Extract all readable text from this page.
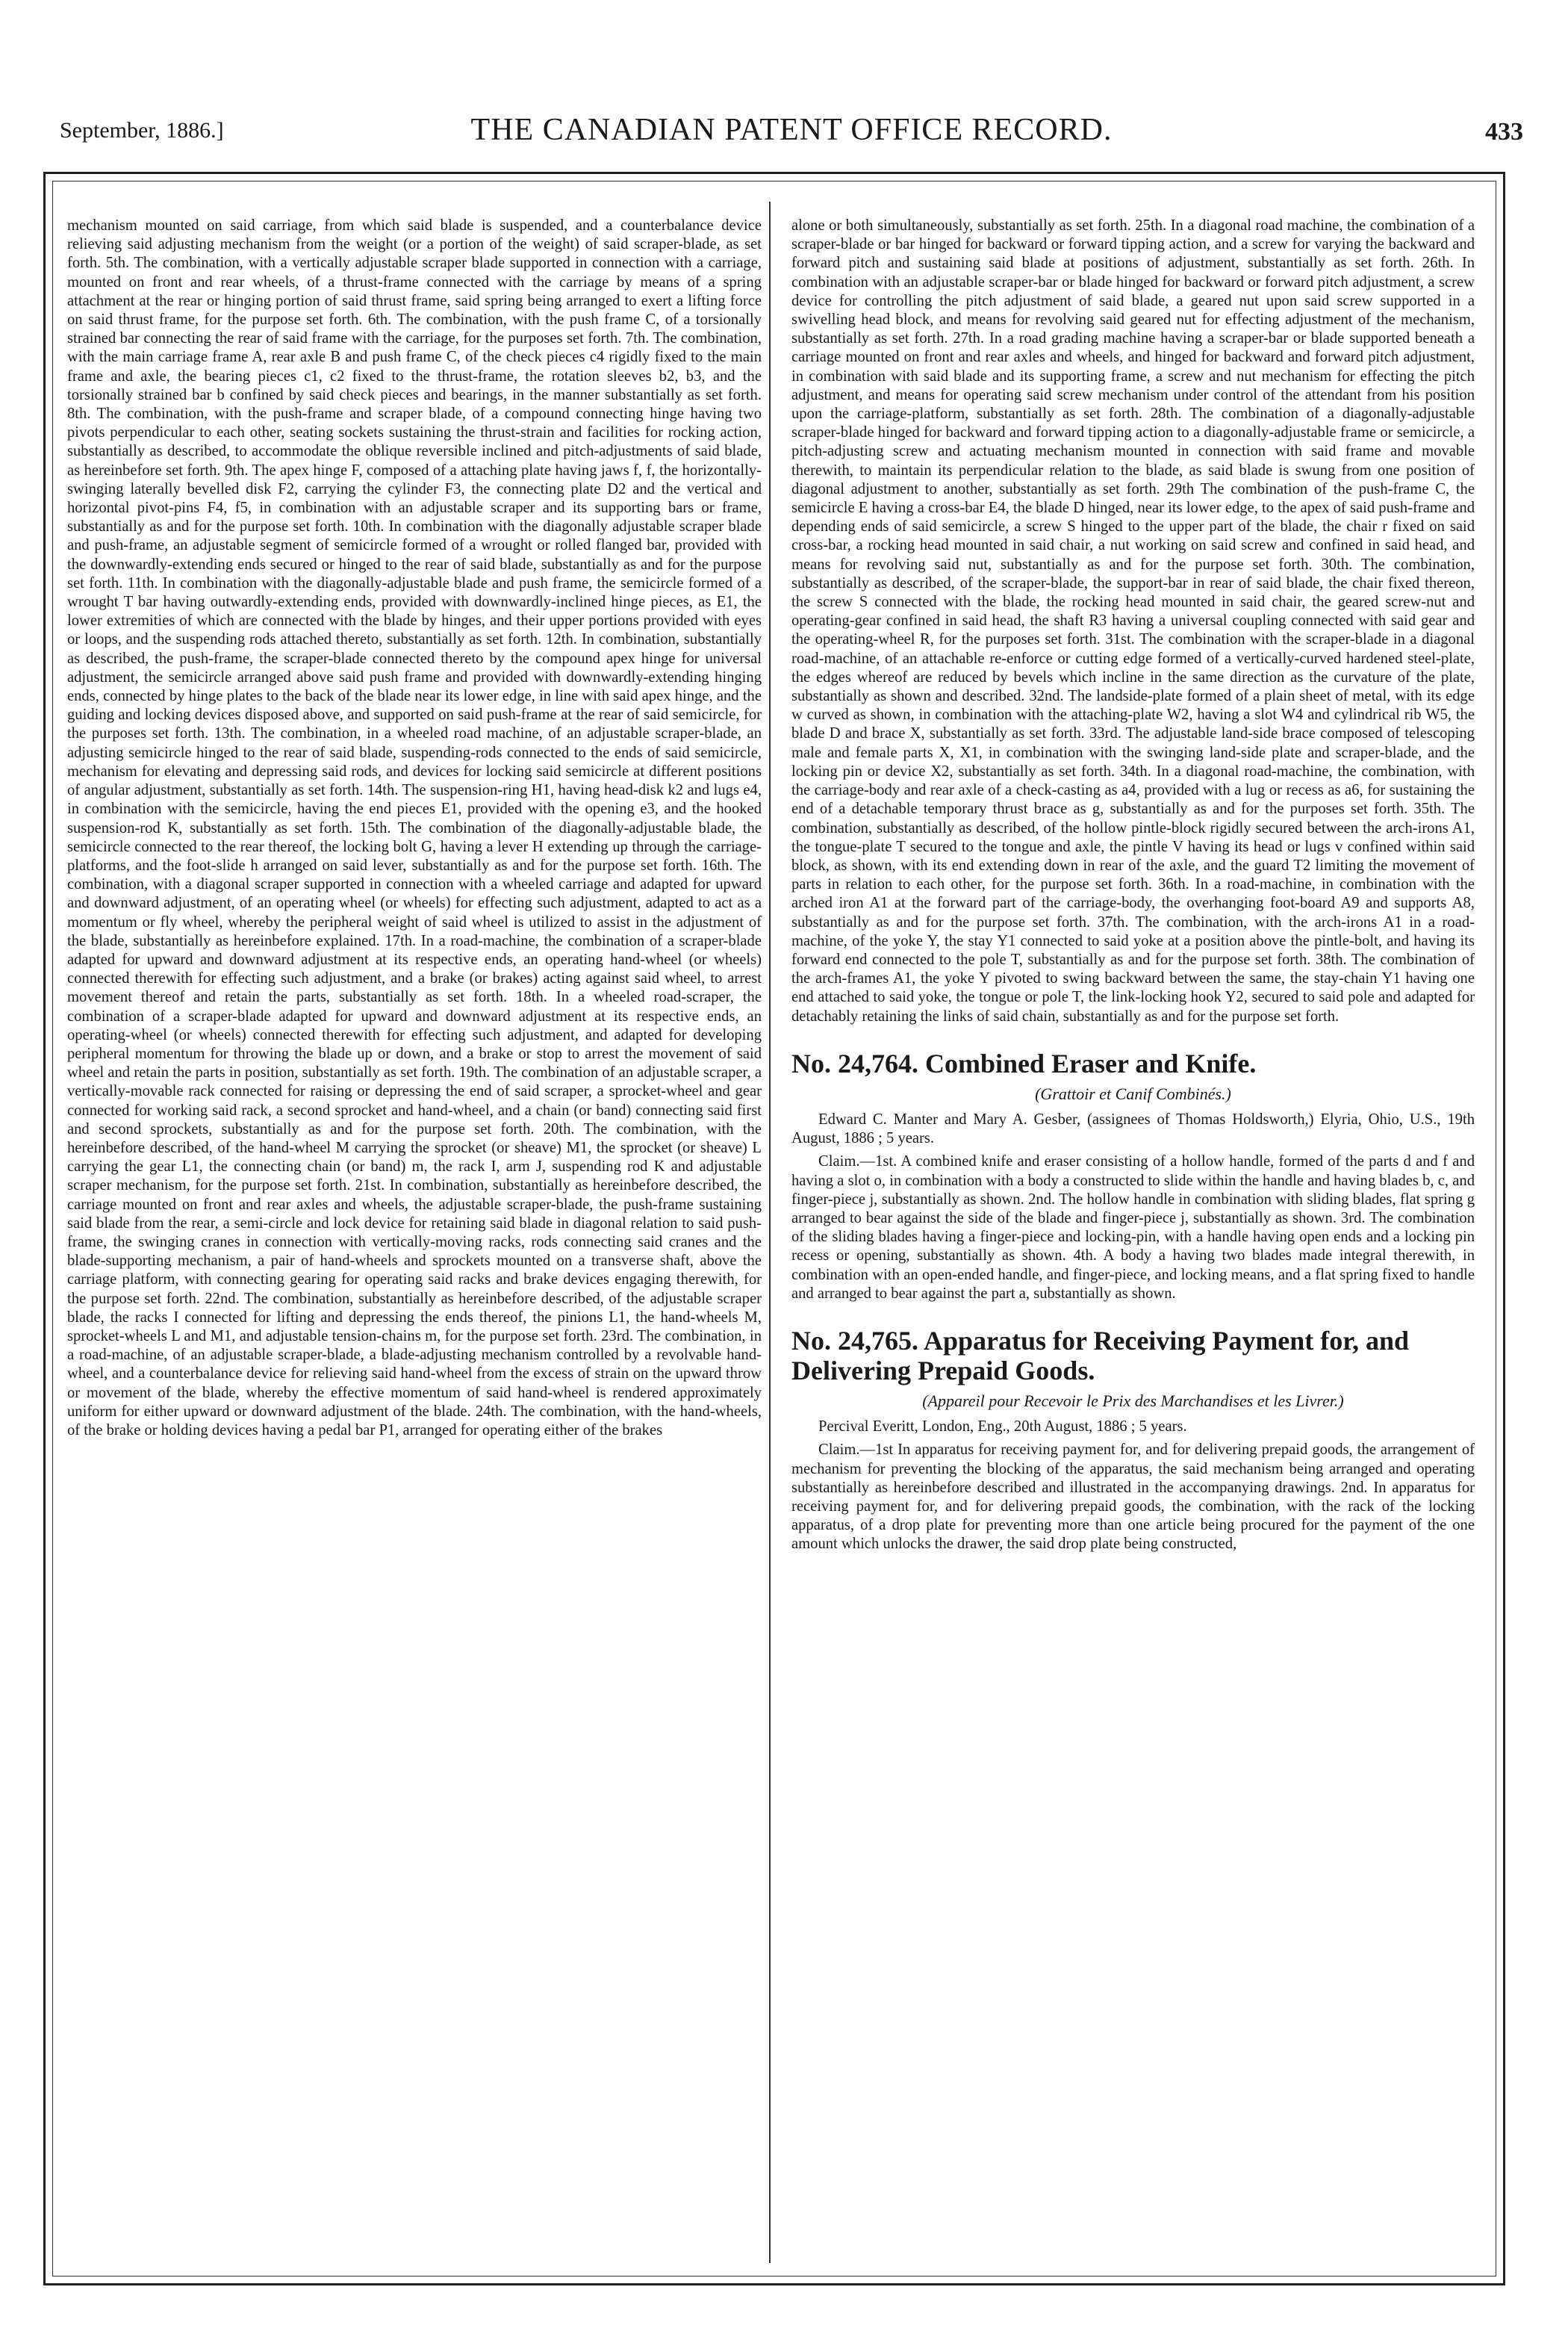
September, 1886.]	THE CANADIAN PATENT OFFICE RECORD.	433

mechanism mounted on said carriage, from which said blade is suspended, and a counterbalance device relieving said adjusting mechanism from the weight (or a portion of the weight) of said scraper-blade, as set forth. 5th. The combination, with a vertically adjustable scraper blade supported in connection with a carriage, mounted on front and rear wheels, of a thrust-frame connected with the carriage by means of a spring attachment at the rear or hinging portion of said thrust frame, said spring being arranged to exert a lifting force on said thrust frame, for the purpose set forth. 6th. The combination, with the push frame C, of a torsionally strained bar connecting the rear of said frame with the carriage, for the purposes set forth. 7th. The combination, with the main carriage frame A, rear axle B and push frame C, of the check pieces c4 rigidly fixed to the main frame and axle, the bearing pieces c1, c2 fixed to the thrust-frame, the rotation sleeves b2, b3, and the torsionally strained bar b confined by said check pieces and bearings, in the manner substantially as set forth. 8th. The combination, with the push-frame and scraper blade, of a compound connecting hinge having two pivots perpendicular to each other, seating sockets sustaining the thrust-strain and facilities for rocking action, substantially as described, to accommodate the oblique reversible inclined and pitch-adjustments of said blade, as hereinbefore set forth. 9th. The apex hinge F, composed of a attaching plate having jaws f, f, the horizontally-swinging laterally bevelled disk F2, carrying the cylinder F3, the connecting plate D2 and the vertical and horizontal pivot-pins F4, f5, in combination with an adjustable scraper and its supporting bars or frame, substantially as and for the purpose set forth. 10th. In combination with the diagonally adjustable scraper blade and push-frame, an adjustable segment of semicircle formed of a wrought or rolled flanged bar, provided with the downwardly-extending ends secured or hinged to the rear of said blade, substantially as and for the purpose set forth. 11th. In combination with the diagonally-adjustable blade and push frame, the semicircle formed of a wrought T bar having outwardly-extending ends, provided with downwardly-inclined hinge pieces, as E1, the lower extremities of which are connected with the blade by hinges, and their upper portions provided with eyes or loops, and the suspending rods attached thereto, substantially as set forth. 12th. In combination, substantially as described, the push-frame, the scraper-blade connected thereto by the compound apex hinge for universal adjustment, the semicircle arranged above said push frame and provided with downwardly-extending hinging ends, connected by hinge plates to the back of the blade near its lower edge, in line with said apex hinge, and the guiding and locking devices disposed above, and supported on said push-frame at the rear of said semicircle, for the purposes set forth. 13th. The combination, in a wheeled road machine, of an adjustable scraper-blade, an adjusting semicircle hinged to the rear of said blade, suspending-rods connected to the ends of said semicircle, mechanism for elevating and depressing said rods, and devices for locking said semicircle at different positions of angular adjustment, substantially as set forth. 14th. The suspension-ring H1, having head-disk k2 and lugs e4, in combination with the semicircle, having the end pieces E1, provided with the opening e3, and the hooked suspension-rod K, substantially as set forth. 15th. The combination of the diagonally-adjustable blade, the semicircle connected to the rear thereof, the locking bolt G, having a lever H extending up through the carriage-platforms, and the foot-slide h arranged on said lever, substantially as and for the purpose set forth. 16th. The combination, with a diagonal scraper supported in connection with a wheeled carriage and adapted for upward and downward adjustment, of an operating wheel (or wheels) for effecting such adjustment, adapted to act as a momentum or fly wheel, whereby the peripheral weight of said wheel is utilized to assist in the adjustment of the blade, substantially as hereinbefore explained. 17th. In a road-machine, the combination of a scraper-blade adapted for upward and downward adjustment at its respective ends, an operating hand-wheel (or wheels) connected therewith for effecting such adjustment, and a brake (or brakes) acting against said wheel, to arrest movement thereof and retain the parts, substantially as set forth. 18th. In a wheeled road-scraper, the combination of a scraper-blade adapted for upward and downward adjustment at its respective ends, an operating-wheel (or wheels) connected therewith for effecting such adjustment, and adapted for developing peripheral momentum for throwing the blade up or down, and a brake or stop to arrest the movement of said wheel and retain the parts in position, substantially as set forth. 19th. The combination of an adjustable scraper, a vertically-movable rack connected for raising or depressing the end of said scraper, a sprocket-wheel and gear connected for working said rack, a second sprocket and hand-wheel, and a chain (or band) connecting said first and second sprockets, substantially as and for the purpose set forth. 20th. The combination, with the hereinbefore described, of the hand-wheel M carrying the sprocket (or sheave) M1, the sprocket (or sheave) L carrying the gear L1, the connecting chain (or band) m, the rack I, arm J, suspending rod K and adjustable scraper mechanism, for the purpose set forth. 21st. In combination, substantially as hereinbefore described, the carriage mounted on front and rear axles and wheels, the adjustable scraper-blade, the push-frame sustaining said blade from the rear, a semi-circle and lock device for retaining said blade in diagonal relation to said push-frame, the swinging cranes in connection with vertically-moving racks, rods connecting said cranes and the blade-supporting mechanism, a pair of hand-wheels and sprockets mounted on a transverse shaft, above the carriage platform, with connecting gearing for operating said racks and brake devices engaging therewith, for the purpose set forth. 22nd. The combination, substantially as hereinbefore described, of the adjustable scraper blade, the racks I connected for lifting and depressing the ends thereof, the pinions L1, the hand-wheels M, sprocket-wheels L and M1, and adjustable tension-chains m, for the purpose set forth. 23rd. The combination, in a road-machine, of an adjustable scraper-blade, a blade-adjusting mechanism controlled by a revolvable hand-wheel, and a counterbalance device for relieving said hand-wheel from the excess of strain on the upward throw or movement of the blade, whereby the effective momentum of said hand-wheel is rendered approximately uniform for either upward or downward adjustment of the blade. 24th. The combination, with the hand-wheels, of the brake or holding devices having a pedal bar P1, arranged for operating either of the brakes

alone or both simultaneously, substantially as set forth. 25th. In a diagonal road machine, the combination of a scraper-blade or bar hinged for backward or forward tipping action, and a screw for varying the backward and forward pitch and sustaining said blade at positions of adjustment, substantially as set forth. 26th. In combination with an adjustable scraper-bar or blade hinged for backward or forward pitch adjustment, a screw device for controlling the pitch adjustment of said blade, a geared nut upon said screw supported in a swivelling head block, and means for revolving said geared nut for effecting adjustment of the mechanism, substantially as set forth. 27th. In a road grading machine having a scraper-bar or blade supported beneath a carriage mounted on front and rear axles and wheels, and hinged for backward and forward pitch adjustment, in combination with said blade and its supporting frame, a screw and nut mechanism for effecting the pitch adjustment, and means for operating said screw mechanism under control of the attendant from his position upon the carriage-platform, substantially as set forth. 28th. The combination of a diagonally-adjustable scraper-blade hinged for backward and forward tipping action to a diagonally-adjustable frame or semicircle, a pitch-adjusting screw and actuating mechanism mounted in connection with said frame and movable therewith, to maintain its perpendicular relation to the blade, as said blade is swung from one position of diagonal adjustment to another, substantially as set forth. 29th The combination of the push-frame C, the semicircle E having a cross-bar E4, the blade D hinged, near its lower edge, to the apex of said push-frame and depending ends of said semicircle, a screw S hinged to the upper part of the blade, the chair r fixed on said cross-bar, a rocking head mounted in said chair, a nut working on said screw and confined in said head, and means for revolving said nut, substantially as and for the purpose set forth. 30th. The combination, substantially as described, of the scraper-blade, the support-bar in rear of said blade, the chair fixed thereon, the screw S connected with the blade, the rocking head mounted in said chair, the geared screw-nut and operating-gear confined in said head, the shaft R3 having a universal coupling connected with said gear and the operating-wheel R, for the purposes set forth. 31st. The combination with the scraper-blade in a diagonal road-machine, of an attachable re-enforce or cutting edge formed of a vertically-curved hardened steel-plate, the edges whereof are reduced by bevels which incline in the same direction as the curvature of the plate, substantially as shown and described. 32nd. The landside-plate formed of a plain sheet of metal, with its edge w curved as shown, in combination with the attaching-plate W2, having a slot W4 and cylindrical rib W5, the blade D and brace X, substantially as set forth. 33rd. The adjustable land-side brace composed of telescoping male and female parts X, X1, in combination with the swinging land-side plate and scraper-blade, and the locking pin or device X2, substantially as set forth. 34th. In a diagonal road-machine, the combination, with the carriage-body and rear axle of a check-casting as a4, provided with a lug or recess as a6, for sustaining the end of a detachable temporary thrust brace as g, substantially as and for the purposes set forth. 35th. The combination, substantially as described, of the hollow pintle-block rigidly secured between the arch-irons A1, the tongue-plate T secured to the tongue and axle, the pintle V having its head or lugs v confined within said block, as shown, with its end extending down in rear of the axle, and the guard T2 limiting the movement of parts in relation to each other, for the purpose set forth. 36th. In a road-machine, in combination with the arched iron A1 at the forward part of the carriage-body, the overhanging foot-board A9 and supports A8, substantially as and for the purpose set forth. 37th. The combination, with the arch-irons A1 in a road-machine, of the yoke Y, the stay Y1 connected to said yoke at a position above the pintle-bolt, and having its forward end connected to the pole T, substantially as and for the purpose set forth. 38th. The combination of the arch-frames A1, the yoke Y pivoted to swing backward between the same, the stay-chain Y1 having one end attached to said yoke, the tongue or pole T, the link-locking hook Y2, secured to said pole and adapted for detachably retaining the links of said chain, substantially as and for the purpose set forth.

No. 24,764. Combined Eraser and Knife.
(Grattoir et Canif Combinés.)

Edward C. Manter and Mary A. Gesber, (assignees of Thomas Holdsworth,) Elyria, Ohio, U.S., 19th August, 1886 ; 5 years.

Claim.—1st. A combined knife and eraser consisting of a hollow handle, formed of the parts d and f and having a slot o, in combination with a body a constructed to slide within the handle and having blades b, c, and finger-piece j, substantially as shown. 2nd. The hollow handle in combination with sliding blades, flat spring g arranged to bear against the side of the blade and finger-piece j, substantially as shown. 3rd. The combination of the sliding blades having a finger-piece and locking-pin, with a handle having open ends and a locking pin recess or opening, substantially as shown. 4th. A body a having two blades made integral therewith, in combination with an open-ended handle, and finger-piece, and locking means, and a flat spring fixed to handle and arranged to bear against the part a, substantially as shown.

No. 24,765. Apparatus for Receiving Payment for, and Delivering Prepaid Goods.
(Appareil pour Recevoir le Prix des Marchandises et les Livrer.)

Percival Everitt, London, Eng., 20th August, 1886 ; 5 years.

Claim.—1st In apparatus for receiving payment for, and for delivering prepaid goods, the arrangement of mechanism for preventing the blocking of the apparatus, the said mechanism being arranged and operating substantially as hereinbefore described and illustrated in the accompanying drawings. 2nd. In apparatus for receiving payment for, and for delivering prepaid goods, the combination, with the rack of the locking apparatus, of a drop plate for preventing more than one article being procured for the payment of the one amount which unlocks the drawer, the said drop plate being constructed,
